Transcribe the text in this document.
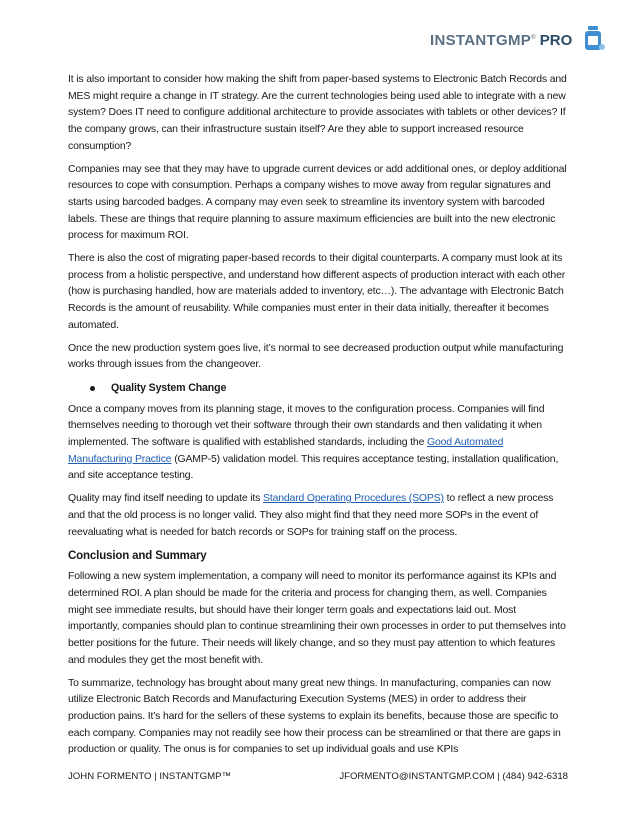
INSTANTGMP® PRO

It is also important to consider how making the shift from paper-based systems to Electronic Batch Records and MES might require a change in IT strategy. Are the current technologies being used able to integrate with a new system? Does IT need to configure additional architecture to provide associates with tablets or other devices? If the company grows, can their infrastructure sustain itself? Are they able to support increased resource consumption?

Companies may see that they may have to upgrade current devices or add additional ones, or deploy additional resources to cope with consumption. Perhaps a company wishes to move away from regular signatures and starts using barcoded badges. A company may even seek to streamline its inventory system with barcoded labels. These are things that require planning to assure maximum efficiencies are built into the new electronic process for maximum ROI.

There is also the cost of migrating paper-based records to their digital counterparts. A company must look at its process from a holistic perspective, and understand how different aspects of production interact with each other (how is purchasing handled, how are materials added to inventory, etc…). The advantage with Electronic Batch Records is the amount of reusability. While companies must enter in their data initially, thereafter it becomes automated.

Once the new production system goes live, it’s normal to see decreased production output while manufacturing works through issues from the changeover.

Quality System Change

Once a company moves from its planning stage, it moves to the configuration process. Companies will find themselves needing to thorough vet their software through their own standards and then validating it when implemented. The software is qualified with established standards, including the Good Automated Manufacturing Practice (GAMP-5) validation model. This requires acceptance testing, installation qualification, and site acceptance testing.

Quality may find itself needing to update its Standard Operating Procedures (SOPS) to reflect a new process and that the old process is no longer valid. They also might find that they need more SOPs in the event of reevaluating what is needed for batch records or SOPs for training staff on the process.

Conclusion and Summary

Following a new system implementation, a company will need to monitor its performance against its KPIs and determined ROI. A plan should be made for the criteria and process for changing them, as well. Companies might see immediate results, but should have their longer term goals and expectations laid out. Most importantly, companies should plan to continue streamlining their own processes in order to put themselves into better positions for the future. Their needs will likely change, and so they must pay attention to which features and modules they get the most benefit with.

To summarize, technology has brought about many great new things. In manufacturing, companies can now utilize Electronic Batch Records and Manufacturing Execution Systems (MES) in order to address their production pains. It’s hard for the sellers of these systems to explain its benefits, because those are specific to each company. Companies may not readily see how their process can be streamlined or that there are gaps in production or quality. The onus is for companies to set up individual goals and use KPIs

JOHN FORMENTO | INSTANTGMP™	JFORMENTO@INSTANTGMP.COM | (484) 942-6318
